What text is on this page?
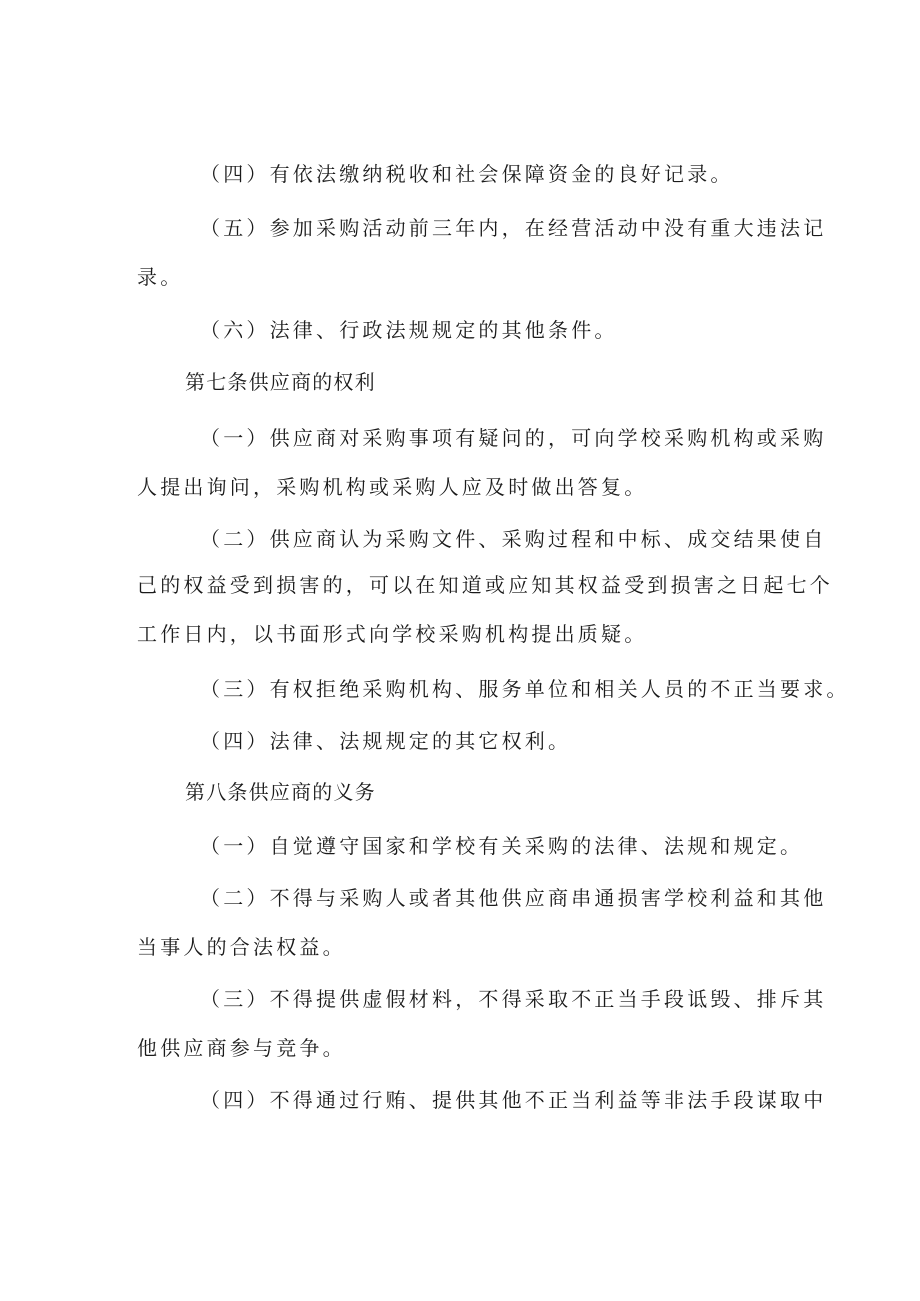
（四）有依法缴纳税收和社会保障资金的良好记录。
（五）参加采购活动前三年内，在经营活动中没有重大违法记
录。
（六）法律、行政法规规定的其他条件。
第七条供应商的权利
（一）供应商对采购事项有疑问的，可向学校采购机构或采购
人提出询问，采购机构或采购人应及时做出答复。
（二）供应商认为采购文件、采购过程和中标、成交结果使自
己的权益受到损害的，可以在知道或应知其权益受到损害之日起七个
工作日内，以书面形式向学校采购机构提出质疑。
（三）有权拒绝采购机构、服务单位和相关人员的不正当要求。
（四）法律、法规规定的其它权利。
第八条供应商的义务
（一）自觉遵守国家和学校有关采购的法律、法规和规定。
（二）不得与采购人或者其他供应商串通损害学校利益和其他
当事人的合法权益。
（三）不得提供虚假材料，不得采取不正当手段诋毁、排斥其
他供应商参与竞争。
（四）不得通过行贿、提供其他不正当利益等非法手段谋取中
